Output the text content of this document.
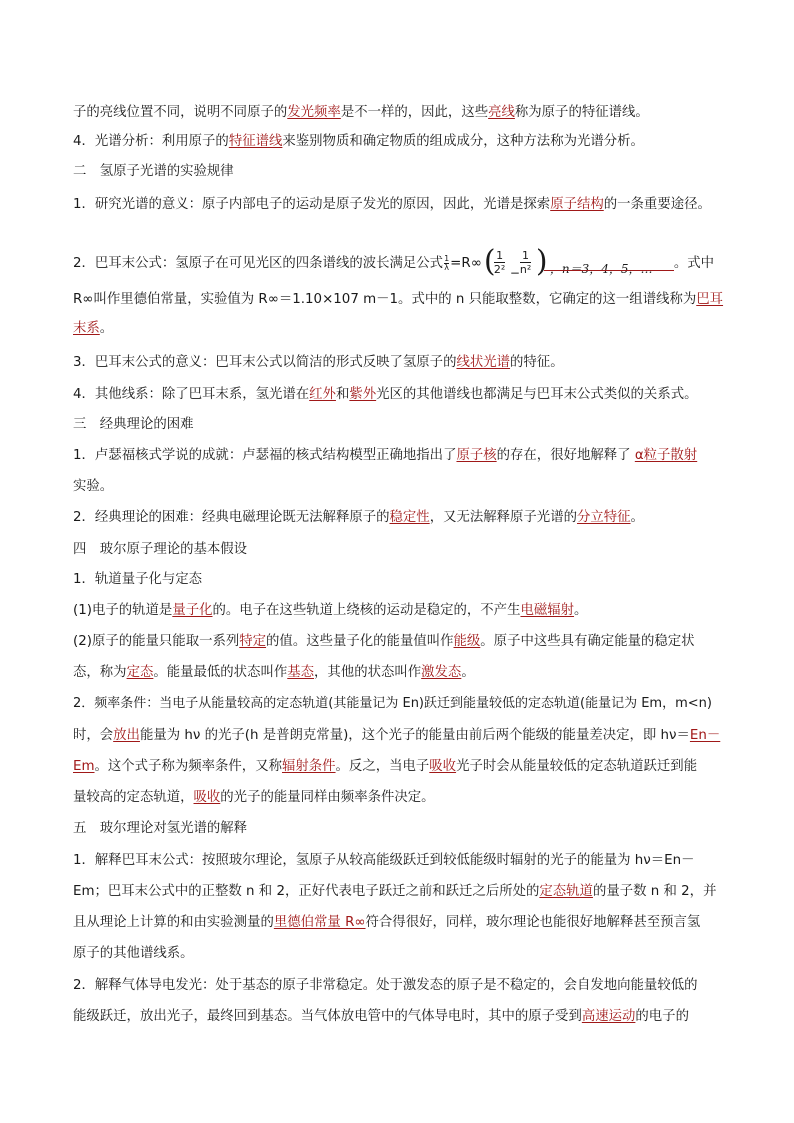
子的亮线位置不同，说明不同原子的发光频率是不一样的，因此，这些亮线称为原子的特征谱线。
4．光谱分析：利用原子的特征谱线来鉴别物质和确定物质的组成成分，这种方法称为光谱分析。
二　氢原子光谱的实验规律
1．研究光谱的意义：原子内部电子的运动是原子发光的原因，因此，光谱是探索原子结构的一条重要途径。
2．巴耳末公式：氢原子在可见光区的四条谱线的波长满足公式 $\frac{1}{\lambda}=R\infty$ (
$\frac{1}{\text{2²}} - \frac{1}{\text{n²}}$ ) ，n＝3，4，5，… 。式中
R∞叫作里德伯常量，实验值为 R∞＝1.10×107 m－1。式中的 n 只能取整数，它确定的这一组谱线称为巴耳
末系。
3．巴耳末公式的意义：巴耳末公式以简洁的形式反映了氢原子的线状光谱的特征。
4．其他线系：除了巴耳末系，氢光谱在红外和紫外光区的其他谱线也都满足与巴耳末公式类似的关系式。
三　经典理论的困难
1．卢瑟福核式学说的成就：卢瑟福的核式结构模型正确地指出了原子核的存在，很好地解释了 α粒子散射
实验。
2．经典理论的困难：经典电磁理论既无法解释原子的稳定性，又无法解释原子光谱的分立特征。
四　玻尔原子理论的基本假设
1．轨道量子化与定态
(1)电子的轨道是量子化的。电子在这些轨道上绕核的运动是稳定的，不产生电磁辐射。
(2)原子的能量只能取一系列特定的值。这些量子化的能量值叫作能级。原子中这些具有确定能量的稳定状
态，称为定态。能量最低的状态叫作基态，其他的状态叫作激发态。
2．频率条件：当电子从能量较高的定态轨道(其能量记为 En)跃迁到能量较低的定态轨道(能量记为 Em，m<n)
时，会放出能量为 hν 的光子(h 是普朗克常量)，这个光子的能量由前后两个能级的能量差决定，即 hν＝En－
Em。这个式子称为频率条件，又称辐射条件。反之，当电子吸收光子时会从能量较低的定态轨道跃迁到能
量较高的定态轨道，吸收的光子的能量同样由频率条件决定。
五　玻尔理论对氢光谱的解释
1．解释巴耳末公式：按照玻尔理论，氢原子从较高能级跃迁到较低能级时辐射的光子的能量为 hν＝En－
Em；巴耳末公式中的正整数 n 和 2，正好代表电子跃迁之前和跃迁之后所处的定态轨道的量子数 n 和 2，并
且从理论上计算的和由实验测量的里德伯常量 R∞符合得很好，同样，玻尔理论也能很好地解释甚至预言氢
原子的其他谱线系。
2．解释气体导电发光：处于基态的原子非常稳定。处于激发态的原子是不稳定的，会自发地向能量较低的
能级跃迁，放出光子，最终回到基态。当气体放电管中的气体导电时，其中的原子受到高速运动的电子的
